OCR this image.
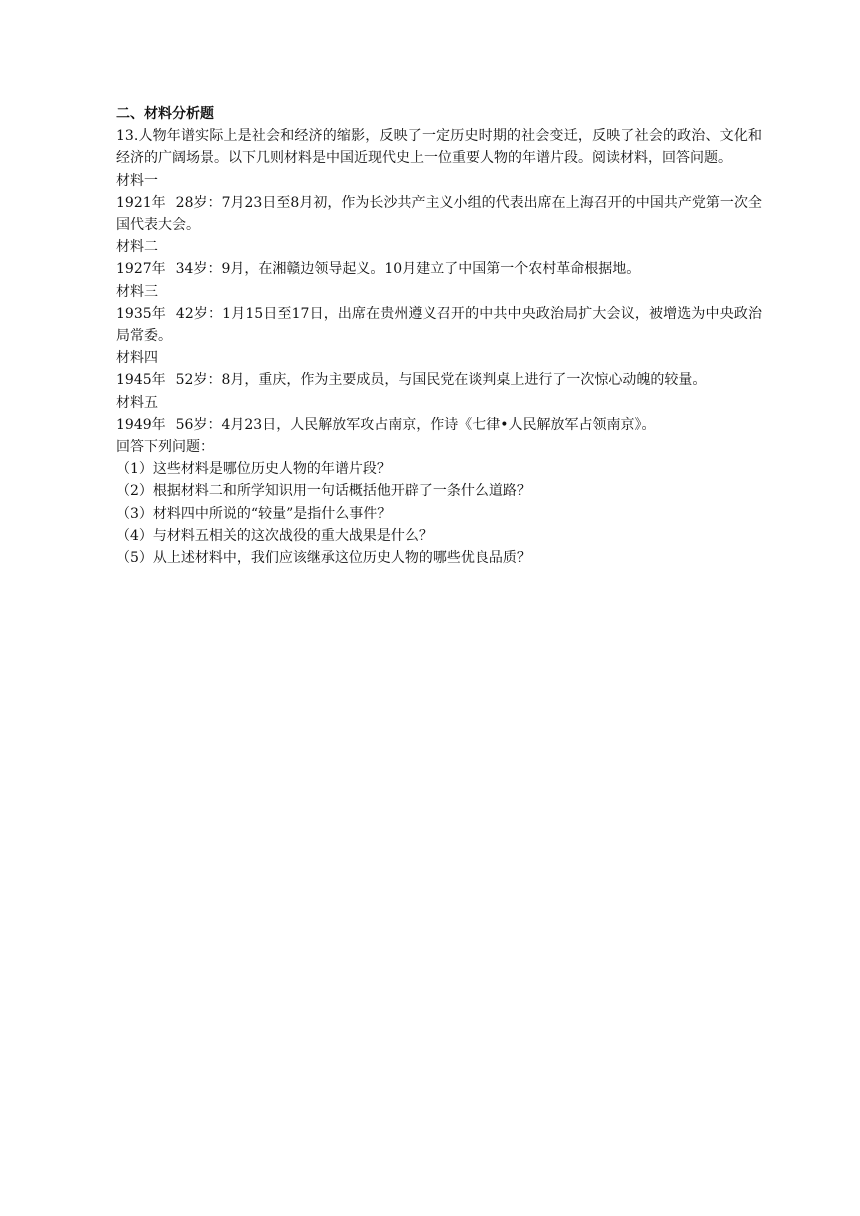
二、材料分析题
13.人物年谱实际上是社会和经济的缩影，反映了一定历史时期的社会变迁，反映了社会的政治、文化和经济的广阔场景。以下几则材料是中国近现代史上一位重要人物的年谱片段。阅读材料，回答问题。
材料一
1921年 28岁：7月23日至8月初，作为长沙共产主义小组的代表出席在上海召开的中国共产党第一次全国代表大会。
材料二
1927年 34岁：9月，在湘赣边领导起义。10月建立了中国第一个农村革命根据地。
材料三
1935年 42岁：1月15日至17日，出席在贵州遵义召开的中共中央政治局扩大会议，被增选为中央政治局常委。
材料四
1945年 52岁：8月，重庆，作为主要成员，与国民党在谈判桌上进行了一次惊心动魄的较量。
材料五
1949年 56岁：4月23日，人民解放军攻占南京，作诗《七律•人民解放军占领南京》。
回答下列问题：
（1）这些材料是哪位历史人物的年谱片段？
（2）根据材料二和所学知识用一句话概括他开辟了一条什么道路？
（3）材料四中所说的“较量”是指什么事件？
（4）与材料五相关的这次战役的重大战果是什么？
（5）从上述材料中，我们应该继承这位历史人物的哪些优良品质？
